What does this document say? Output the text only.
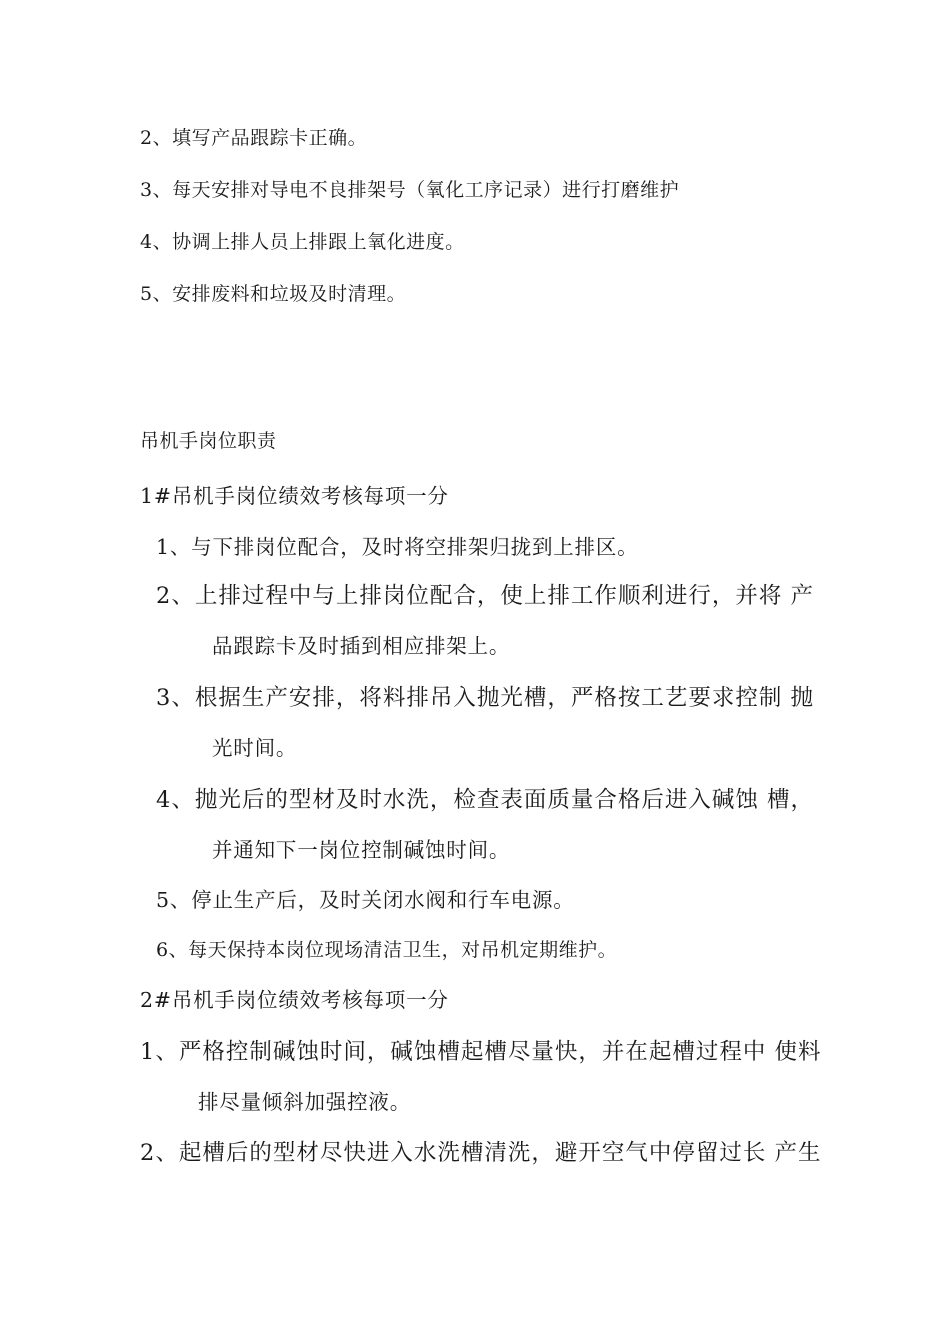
2、填写产品跟踪卡正确。
3、每天安排对导电不良排架号（氧化工序记录）进行打磨维护
4、协调上排人员上排跟上氧化进度。
5、安排废料和垃圾及时清理。
吊机手岗位职责
1#吊机手岗位绩效考核每项一分
1、与下排岗位配合，及时将空排架归拢到上排区。
2、上排过程中与上排岗位配合，使上排工作顺利进行，并将 产
品跟踪卡及时插到相应排架上。
3、根据生产安排，将料排吊入抛光槽，严格按工艺要求控制 抛
光时间。
4、抛光后的型材及时水洗，检查表面质量合格后进入碱蚀 槽，
并通知下一岗位控制碱蚀时间。
5、停止生产后，及时关闭水阀和行车电源。
6、每天保持本岗位现场清洁卫生，对吊机定期维护。
2#吊机手岗位绩效考核每项一分
1、严格控制碱蚀时间，碱蚀槽起槽尽量快，并在起槽过程中 使料
排尽量倾斜加强控液。
2、起槽后的型材尽快进入水洗槽清洗，避开空气中停留过长 产生
